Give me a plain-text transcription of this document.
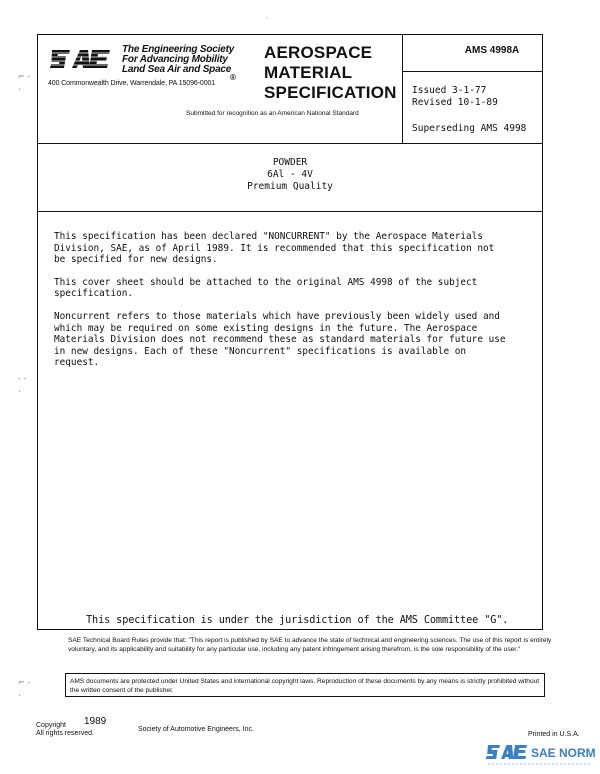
⌐ -
`
- -
`
⌐ -
`
·
The Engineering Society
For Advancing Mobility
Land Sea Air and Space
®
400 Commonwealth Drive, Warrendale, PA 15096-0001
AEROSPACE
MATERIAL
SPECIFICATION
Submitted for recognition as an American National Standard
AMS 4998A
Issued 3-1-77
Revised 10-1-89
Superseding AMS 4998
POWDER
6Al - 4V
Premium Quality

This specification has been declared "NONCURRENT" by the Aerospace Materials
Division, SAE, as of April 1989. It is recommended that this specification not
be specified for new designs.

This cover sheet should be attached to the original AMS 4998 of the subject
specification.

Noncurrent refers to those materials which have previously been widely used and
which may be required on some existing designs in the future. The Aerospace
Materials Division does not recommend these as standard materials for future use
in new designs. Each of these "Noncurrent" specifications is available on
request.

This specification is under the jurisdiction of the AMS Committee "G".
SAE Technical Board Rules provide that: "This report is published by SAE to advance the state of technical and engineering sciences. The use of this report is entirely voluntary, and its applicability and suitability for any particular use, including any patent infringement arising therefrom, is the sole responsibility of the user."
AMS documents are protected under United States and international copyright laws. Reproduction of these documents by any means is strictly prohibited without the written consent of the publisher.
Copyright
All rights reserved.
1989
Society of Automotive Engineers, Inc.
Printed in U.S.A.
SAE NORM
